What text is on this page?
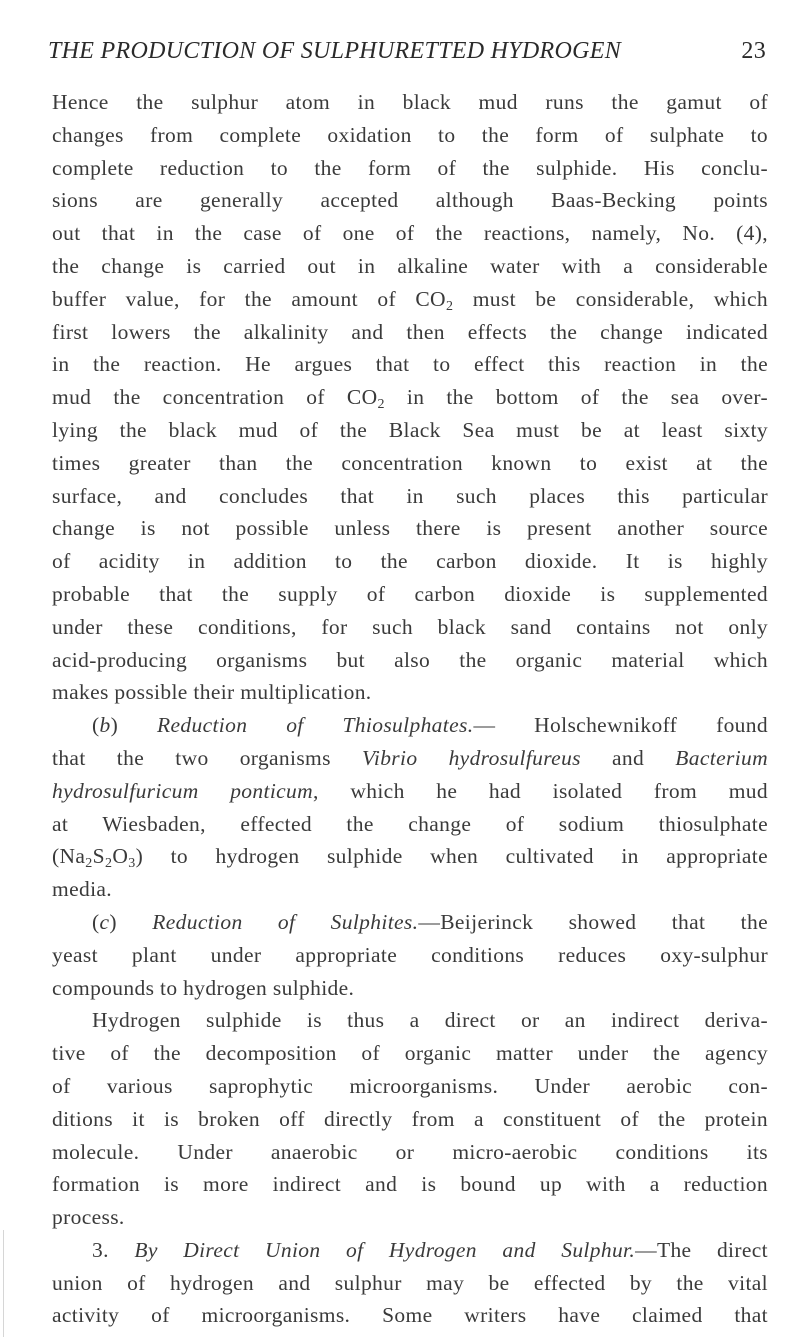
THE PRODUCTION OF SULPHURETTED HYDROGEN	23
Hence the sulphur atom in black mud runs the gamut of
changes from complete oxidation to the form of sulphate to
complete reduction to the form of the sulphide. His conclu-
sions are generally accepted although Baas-Becking points
out that in the case of one of the reactions, namely, No. (4),
the change is carried out in alkaline water with a considerable
buffer value, for the amount of $CO_2$ must be considerable, which
first lowers the alkalinity and then effects the change indicated
in the reaction. He argues that to effect this reaction in the
mud the concentration of $CO_2$ in the bottom of the sea over-
lying the black mud of the Black Sea must be at least sixty
times greater than the concentration known to exist at the
surface, and concludes that in such places this particular
change is not possible unless there is present another source
of acidity in addition to the carbon dioxide. It is highly
probable that the supply of carbon dioxide is supplemented
under these conditions, for such black sand contains not only
acid-producing organisms but also the organic material which
makes possible their multiplication.
(b) Reduction of Thiosulphates.— Holschewnikoff found
that the two organisms Vibrio hydrosulfureus and Bacterium
hydrosulfuricum ponticum, which he had isolated from mud
at Wiesbaden, effected the change of sodium thiosulphate
$(Na_2S_2O_3)$ to hydrogen sulphide when cultivated in appropriate
media.
(c) Reduction of Sulphites.—Beijerinck showed that the
yeast plant under appropriate conditions reduces oxy-sulphur
compounds to hydrogen sulphide.
Hydrogen sulphide is thus a direct or an indirect deriva-
tive of the decomposition of organic matter under the agency
of various saprophytic microorganisms. Under aerobic con-
ditions it is broken off directly from a constituent of the protein
molecule. Under anaerobic or micro-aerobic conditions its
formation is more indirect and is bound up with a reduction
process.
3. By Direct Union of Hydrogen and Sulphur.—The direct
union of hydrogen and sulphur may be effected by the vital
activity of microorganisms. Some writers have claimed that
